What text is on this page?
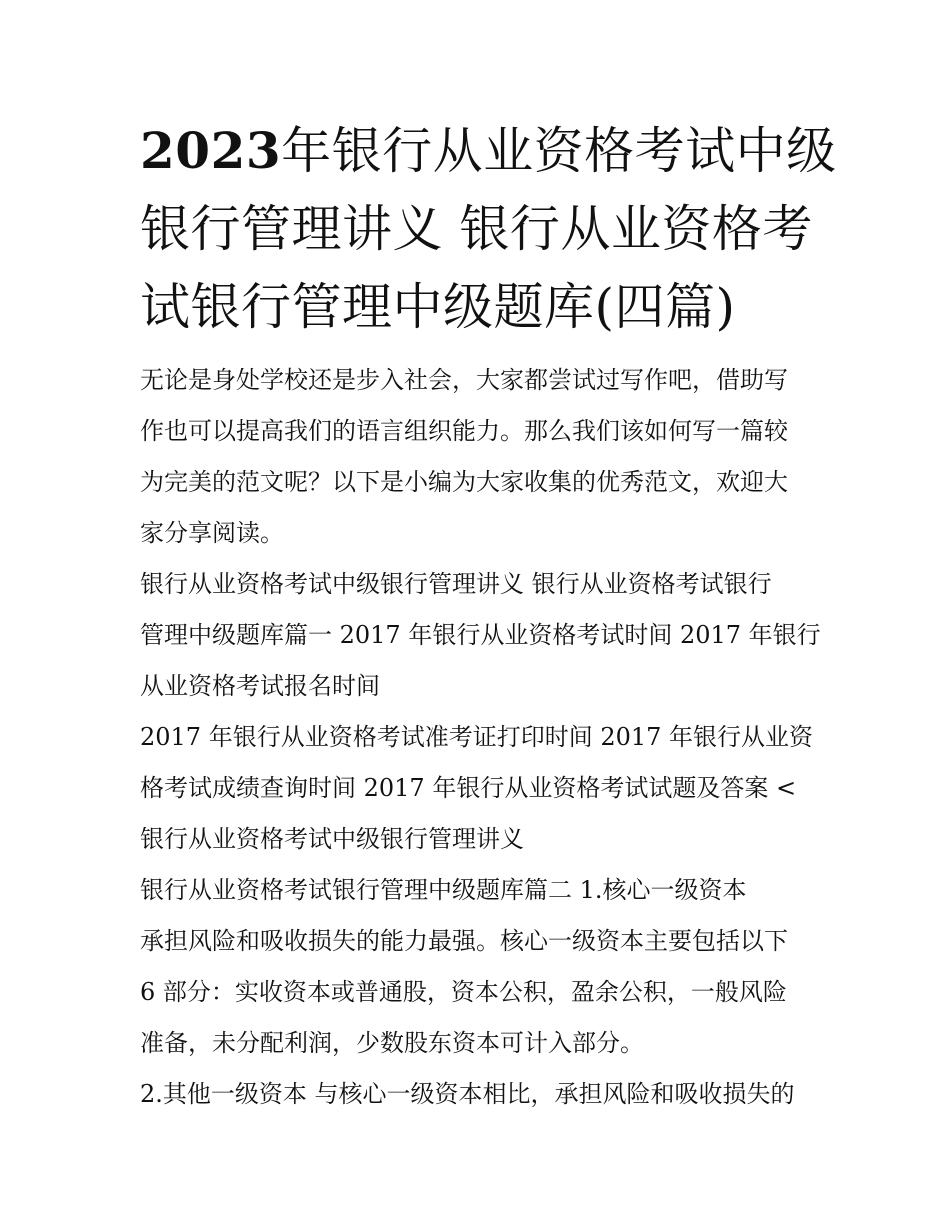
2023年银行从业资格考试中级
银行管理讲义 银行从业资格考
试银行管理中级题库(四篇)
无论是身处学校还是步入社会，大家都尝试过写作吧，借助写
作也可以提高我们的语言组织能力。那么我们该如何写一篇较
为完美的范文呢？以下是小编为大家收集的优秀范文，欢迎大
家分享阅读。
银行从业资格考试中级银行管理讲义 银行从业资格考试银行
管理中级题库篇一 2017 年银行从业资格考试时间 2017 年银行
从业资格考试报名时间
2017 年银行从业资格考试准考证打印时间 2017 年银行从业资
格考试成绩查询时间 2017 年银行从业资格考试试题及答案 <
银行从业资格考试中级银行管理讲义
银行从业资格考试银行管理中级题库篇二 1.核心一级资本
承担风险和吸收损失的能力最强。核心一级资本主要包括以下
6 部分：实收资本或普通股，资本公积，盈余公积，一般风险
准备，未分配利润，少数股东资本可计入部分。
2.其他一级资本 与核心一级资本相比，承担风险和吸收损失的
